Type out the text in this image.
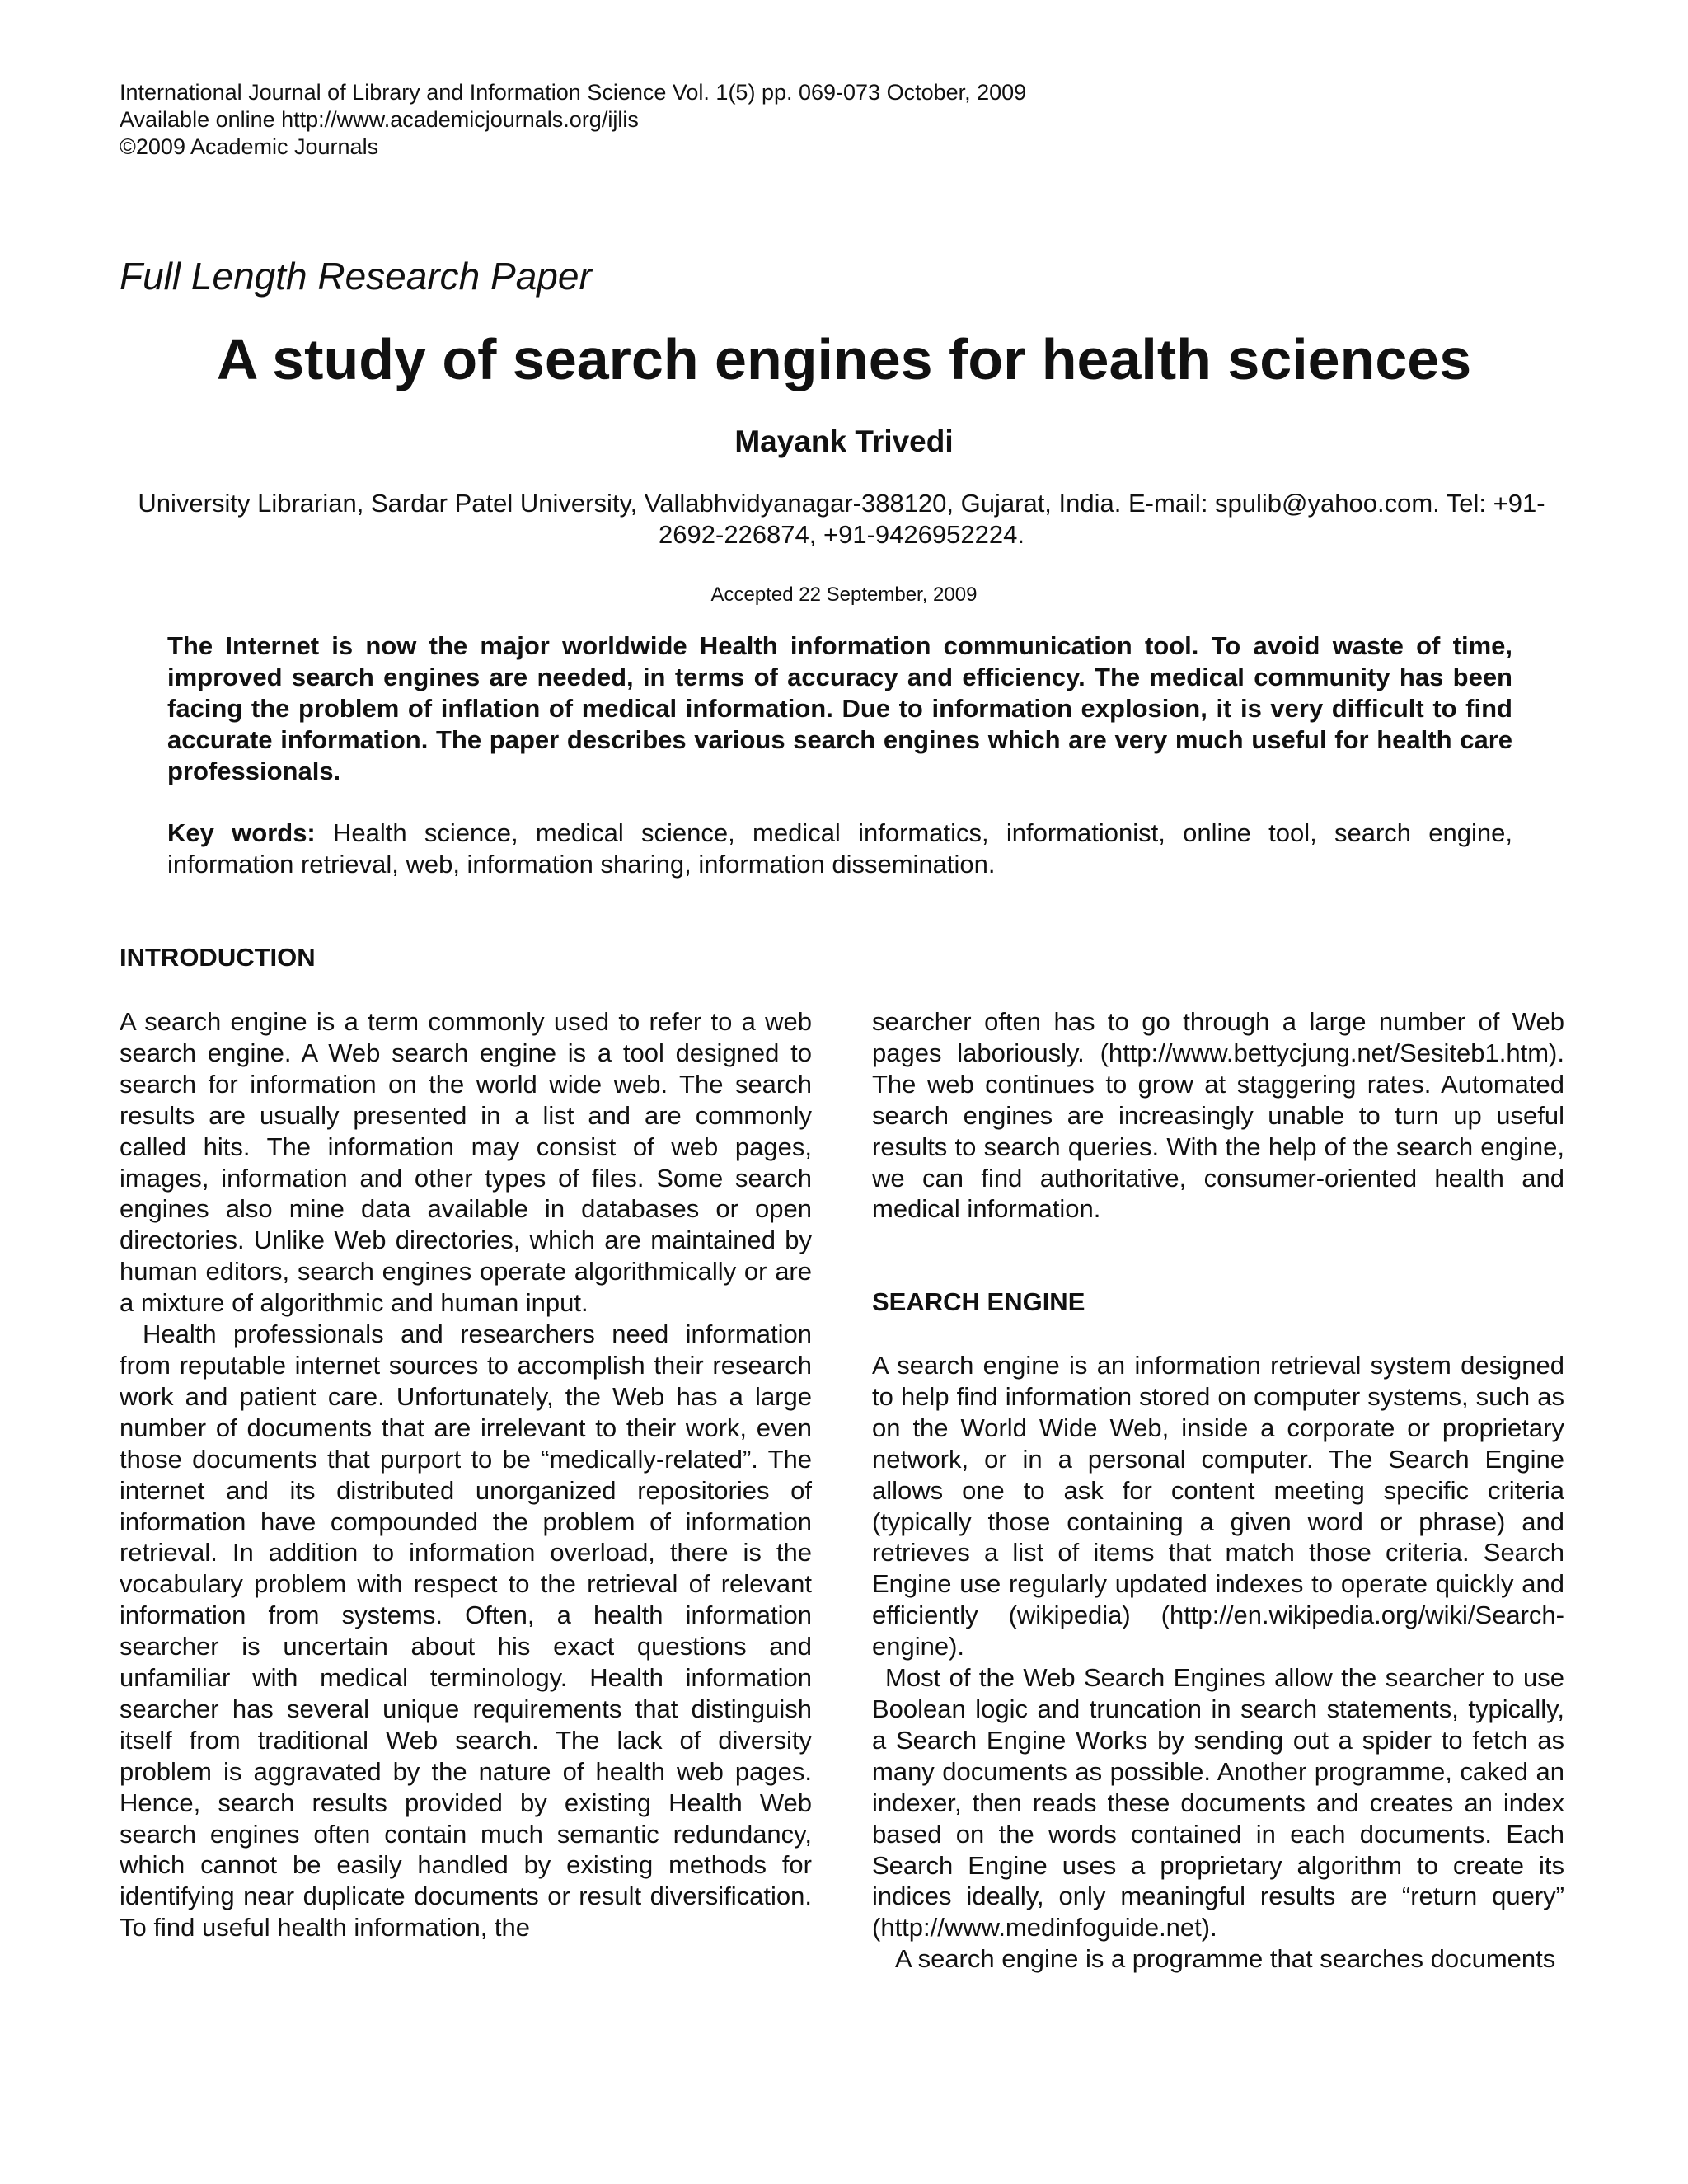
International Journal of Library and Information Science Vol. 1(5) pp. 069-073 October, 2009
Available online http://www.academicjournals.org/ijlis
©2009 Academic Journals
Full Length Research Paper
A study of search engines for health sciences
Mayank Trivedi
University Librarian, Sardar Patel University, Vallabhvidyanagar-388120, Gujarat, India. E-mail: spulib@yahoo.com. Tel: +91-2692-226874, +91-9426952224.
Accepted 22 September, 2009
The Internet is now the major worldwide Health information communication tool. To avoid waste of time, improved search engines are needed, in terms of accuracy and efficiency. The medical community has been facing the problem of inflation of medical information. Due to information explosion, it is very difficult to find accurate information. The paper describes various search engines which are very much useful for health care professionals.
Key words: Health science, medical science, medical informatics, informationist, online tool, search engine, information retrieval, web, information sharing, information dissemination.
INTRODUCTION

A search engine is a term commonly used to refer to a web search engine. A Web search engine is a tool designed to search for information on the world wide web. The search results are usually presented in a list and are commonly called hits. The information may consist of web pages, images, information and other types of files. Some search engines also mine data available in databases or open directories. Unlike Web directories, which are maintained by human editors, search engines operate algorithmically or are a mixture of algorithmic and human input.

Health professionals and researchers need information from reputable internet sources to accomplish their research work and patient care. Unfortunately, the Web has a large number of documents that are irrelevant to their work, even those documents that purport to be “medically-related”. The internet and its distributed unorganized repositories of information have compounded the problem of information retrieval. In addition to information overload, there is the vocabulary problem with respect to the retrieval of relevant information from systems. Often, a health information searcher is uncertain about his exact questions and unfamiliar with medical terminology. Health information searcher has several unique requirements that distinguish itself from traditional Web search. The lack of diversity problem is aggravated by the nature of health web pages. Hence, search results provided by existing Health Web search engines often contain much semantic redundancy, which cannot be easily handled by existing methods for identifying near duplicate documents or result diversification. To find useful health information, the

searcher often has to go through a large number of Web pages laboriously. (http://www.bettycjung.net/Sesiteb1.htm). The web continues to grow at staggering rates. Automated search engines are increasingly unable to turn up useful results to search queries. With the help of the search engine, we can find authoritative, consumer-oriented health and medical information.

SEARCH ENGINE

A search engine is an information retrieval system designed to help find information stored on computer systems, such as on the World Wide Web, inside a corporate or proprietary network, or in a personal computer. The Search Engine allows one to ask for content meeting specific criteria (typically those containing a given word or phrase) and retrieves a list of items that match those criteria. Search Engine use regularly updated indexes to operate quickly and efficiently (wikipedia) (http://en.wikipedia.org/wiki/Search-engine).

Most of the Web Search Engines allow the searcher to use Boolean logic and truncation in search statements, typically, a Search Engine Works by sending out a spider to fetch as many documents as possible. Another programme, caked an indexer, then reads these documents and creates an index based on the words contained in each documents. Each Search Engine uses a proprietary algorithm to create its indices ideally, only meaningful results are “return query” (http://www.medinfoguide.net).

A search engine is a programme that searches documents
